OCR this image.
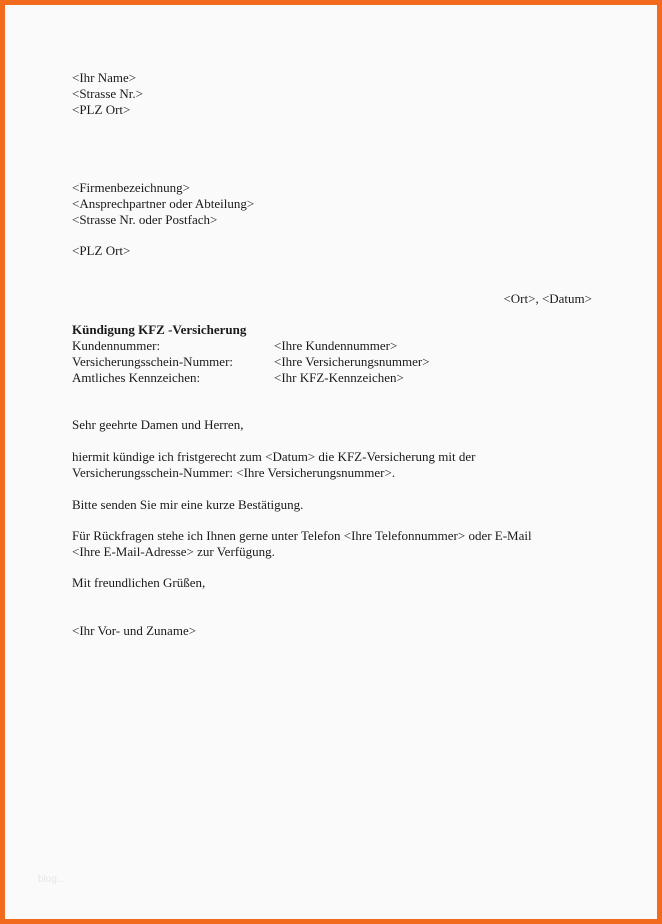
<Ihr Name>
<Strasse Nr.>
<PLZ Ort>
<Firmenbezeichnung>
<Ansprechpartner oder Abteilung>
<Strasse Nr. oder Postfach>
<PLZ Ort>
<Ort>, <Datum>
Kündigung KFZ -Versicherung
Kundennummer:	<Ihre Kundennummer>
Versicherungsschein-Nummer:	<Ihre Versicherungsnummer>
Amtliches Kennzeichen:	<Ihr KFZ-Kennzeichen>
Sehr geehrte Damen und Herren,
hiermit kündige ich fristgerecht zum <Datum> die KFZ-Versicherung mit der
Versicherungsschein-Nummer: <Ihre Versicherungsnummer>.
Bitte senden Sie mir eine kurze Bestätigung.
Für Rückfragen stehe ich Ihnen gerne unter Telefon <Ihre Telefonnummer> oder E-Mail
<Ihre E-Mail-Adresse> zur Verfügung.
Mit freundlichen Grüßen,
<Ihr Vor- und Zuname>
blog...
